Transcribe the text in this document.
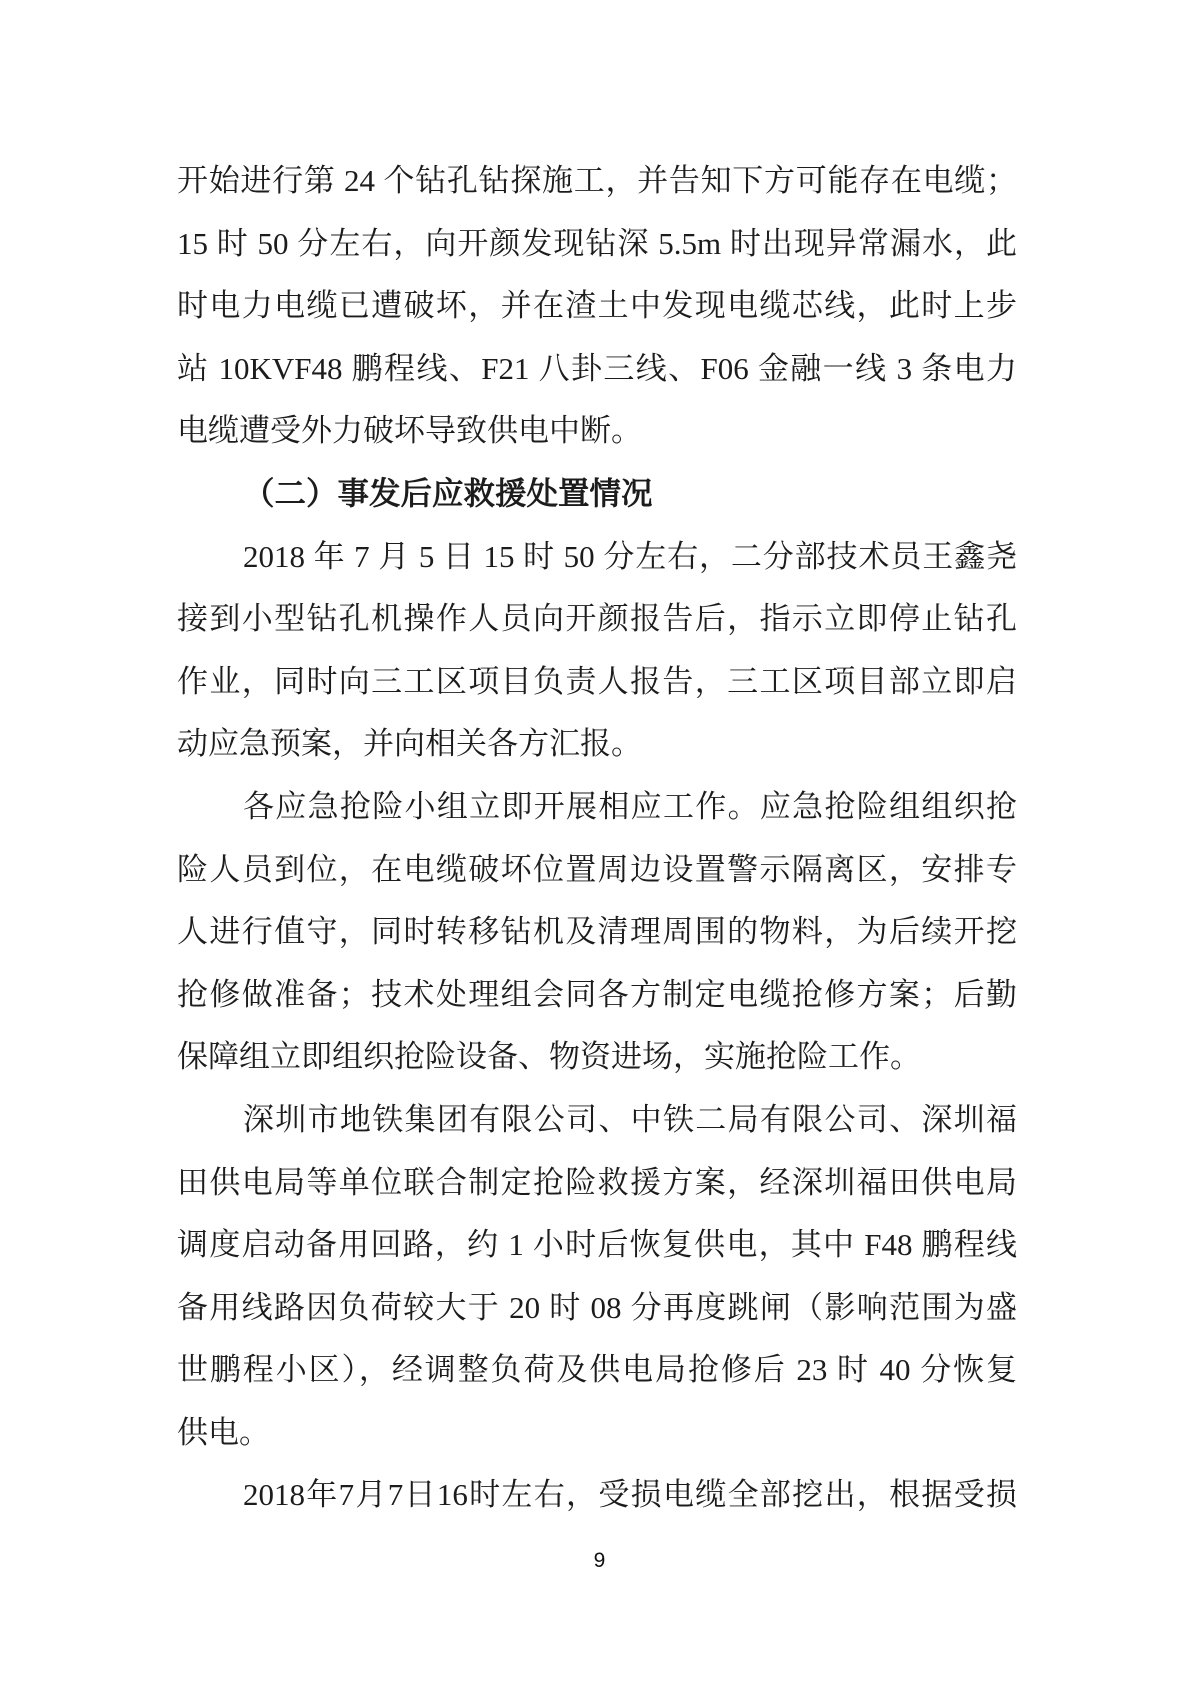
开始进行第 24 个钻孔钻探施工，并告知下方可能存在电缆；
15 时 50 分左右，向开颜发现钻深 5.5m 时出现异常漏水，此
时电力电缆已遭破坏，并在渣土中发现电缆芯线，此时上步
站 10KVF48 鹏程线、F21 八卦三线、F06 金融一线 3 条电力
电缆遭受外力破坏导致供电中断。
（二）事发后应救援处置情况
2018 年 7 月 5 日 15 时 50 分左右，二分部技术员王鑫尧
接到小型钻孔机操作人员向开颜报告后，指示立即停止钻孔
作业，同时向三工区项目负责人报告，三工区项目部立即启
动应急预案，并向相关各方汇报。
各应急抢险小组立即开展相应工作。应急抢险组组织抢
险人员到位，在电缆破坏位置周边设置警示隔离区，安排专
人进行值守，同时转移钻机及清理周围的物料，为后续开挖
抢修做准备；技术处理组会同各方制定电缆抢修方案；后勤
保障组立即组织抢险设备、物资进场，实施抢险工作。
深圳市地铁集团有限公司、中铁二局有限公司、深圳福
田供电局等单位联合制定抢险救援方案，经深圳福田供电局
调度启动备用回路，约 1 小时后恢复供电，其中 F48 鹏程线
备用线路因负荷较大于 20 时 08 分再度跳闸（影响范围为盛
世鹏程小区），经调整负荷及供电局抢修后 23 时 40 分恢复
供电。
2018年7月7日16时左右，受损电缆全部挖出，根据受损
9
